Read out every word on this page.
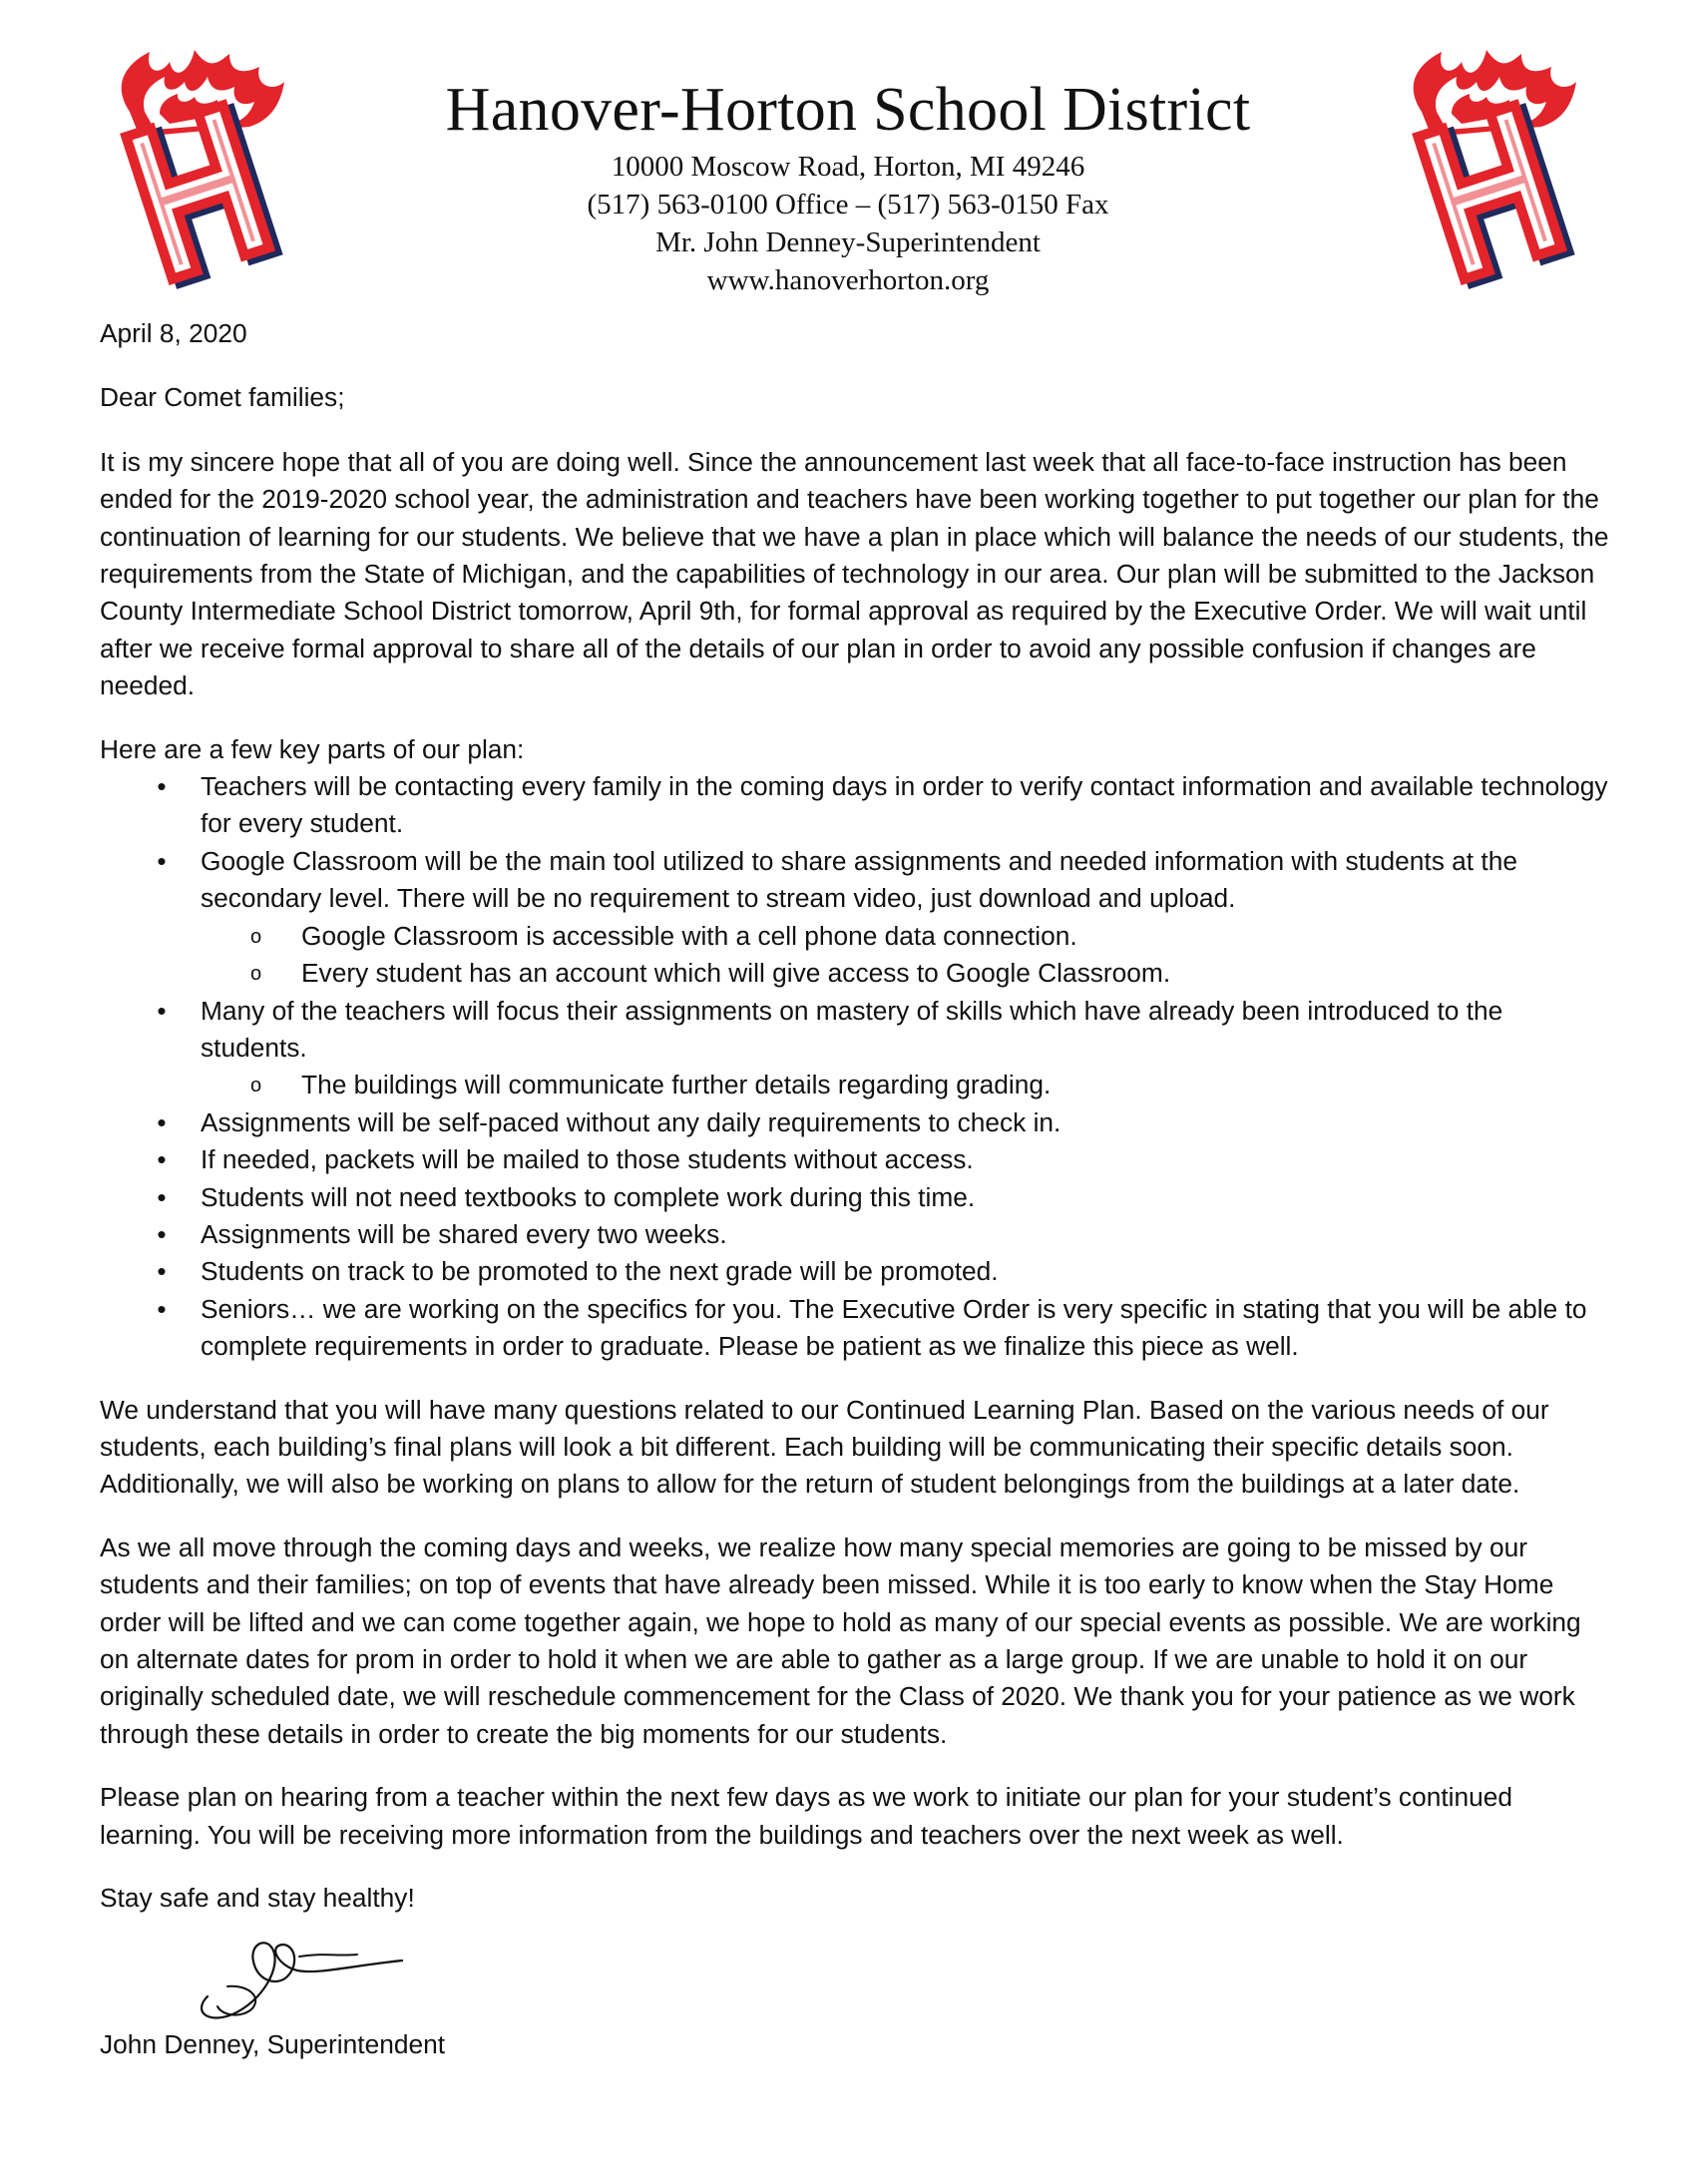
Hanover-Horton School District
10000 Moscow Road, Horton, MI 49246
(517) 563-0100 Office – (517) 563-0150 Fax
Mr. John Denney-Superintendent
www.hanoverhorton.org

April 8, 2020

Dear Comet families;

It is my sincere hope that all of you are doing well. Since the announcement last week that all face-to-face instruction has been ended for the 2019-2020 school year, the administration and teachers have been working together to put together our plan for the continuation of learning for our students. We believe that we have a plan in place which will balance the needs of our students, the requirements from the State of Michigan, and the capabilities of technology in our area. Our plan will be submitted to the Jackson County Intermediate School District tomorrow, April 9th, for formal approval as required by the Executive Order. We will wait until after we receive formal approval to share all of the details of our plan in order to avoid any possible confusion if changes are needed.

Here are a few key parts of our plan:

• Teachers will be contacting every family in the coming days in order to verify contact information and available technology for every student.
• Google Classroom will be the main tool utilized to share assignments and needed information with students at the secondary level. There will be no requirement to stream video, just download and upload.
o Google Classroom is accessible with a cell phone data connection.
o Every student has an account which will give access to Google Classroom.
• Many of the teachers will focus their assignments on mastery of skills which have already been introduced to the students.
o The buildings will communicate further details regarding grading.
• Assignments will be self-paced without any daily requirements to check in.
• If needed, packets will be mailed to those students without access.
• Students will not need textbooks to complete work during this time.
• Assignments will be shared every two weeks.
• Students on track to be promoted to the next grade will be promoted.
• Seniors… we are working on the specifics for you. The Executive Order is very specific in stating that you will be able to complete requirements in order to graduate. Please be patient as we finalize this piece as well.

We understand that you will have many questions related to our Continued Learning Plan. Based on the various needs of our students, each building’s final plans will look a bit different. Each building will be communicating their specific details soon. Additionally, we will also be working on plans to allow for the return of student belongings from the buildings at a later date.

As we all move through the coming days and weeks, we realize how many special memories are going to be missed by our students and their families; on top of events that have already been missed. While it is too early to know when the Stay Home order will be lifted and we can come together again, we hope to hold as many of our special events as possible. We are working on alternate dates for prom in order to hold it when we are able to gather as a large group. If we are unable to hold it on our originally scheduled date, we will reschedule commencement for the Class of 2020. We thank you for your patience as we work through these details in order to create the big moments for our students.

Please plan on hearing from a teacher within the next few days as we work to initiate our plan for your student’s continued learning. You will be receiving more information from the buildings and teachers over the next week as well.

Stay safe and stay healthy!

John Denney, Superintendent
